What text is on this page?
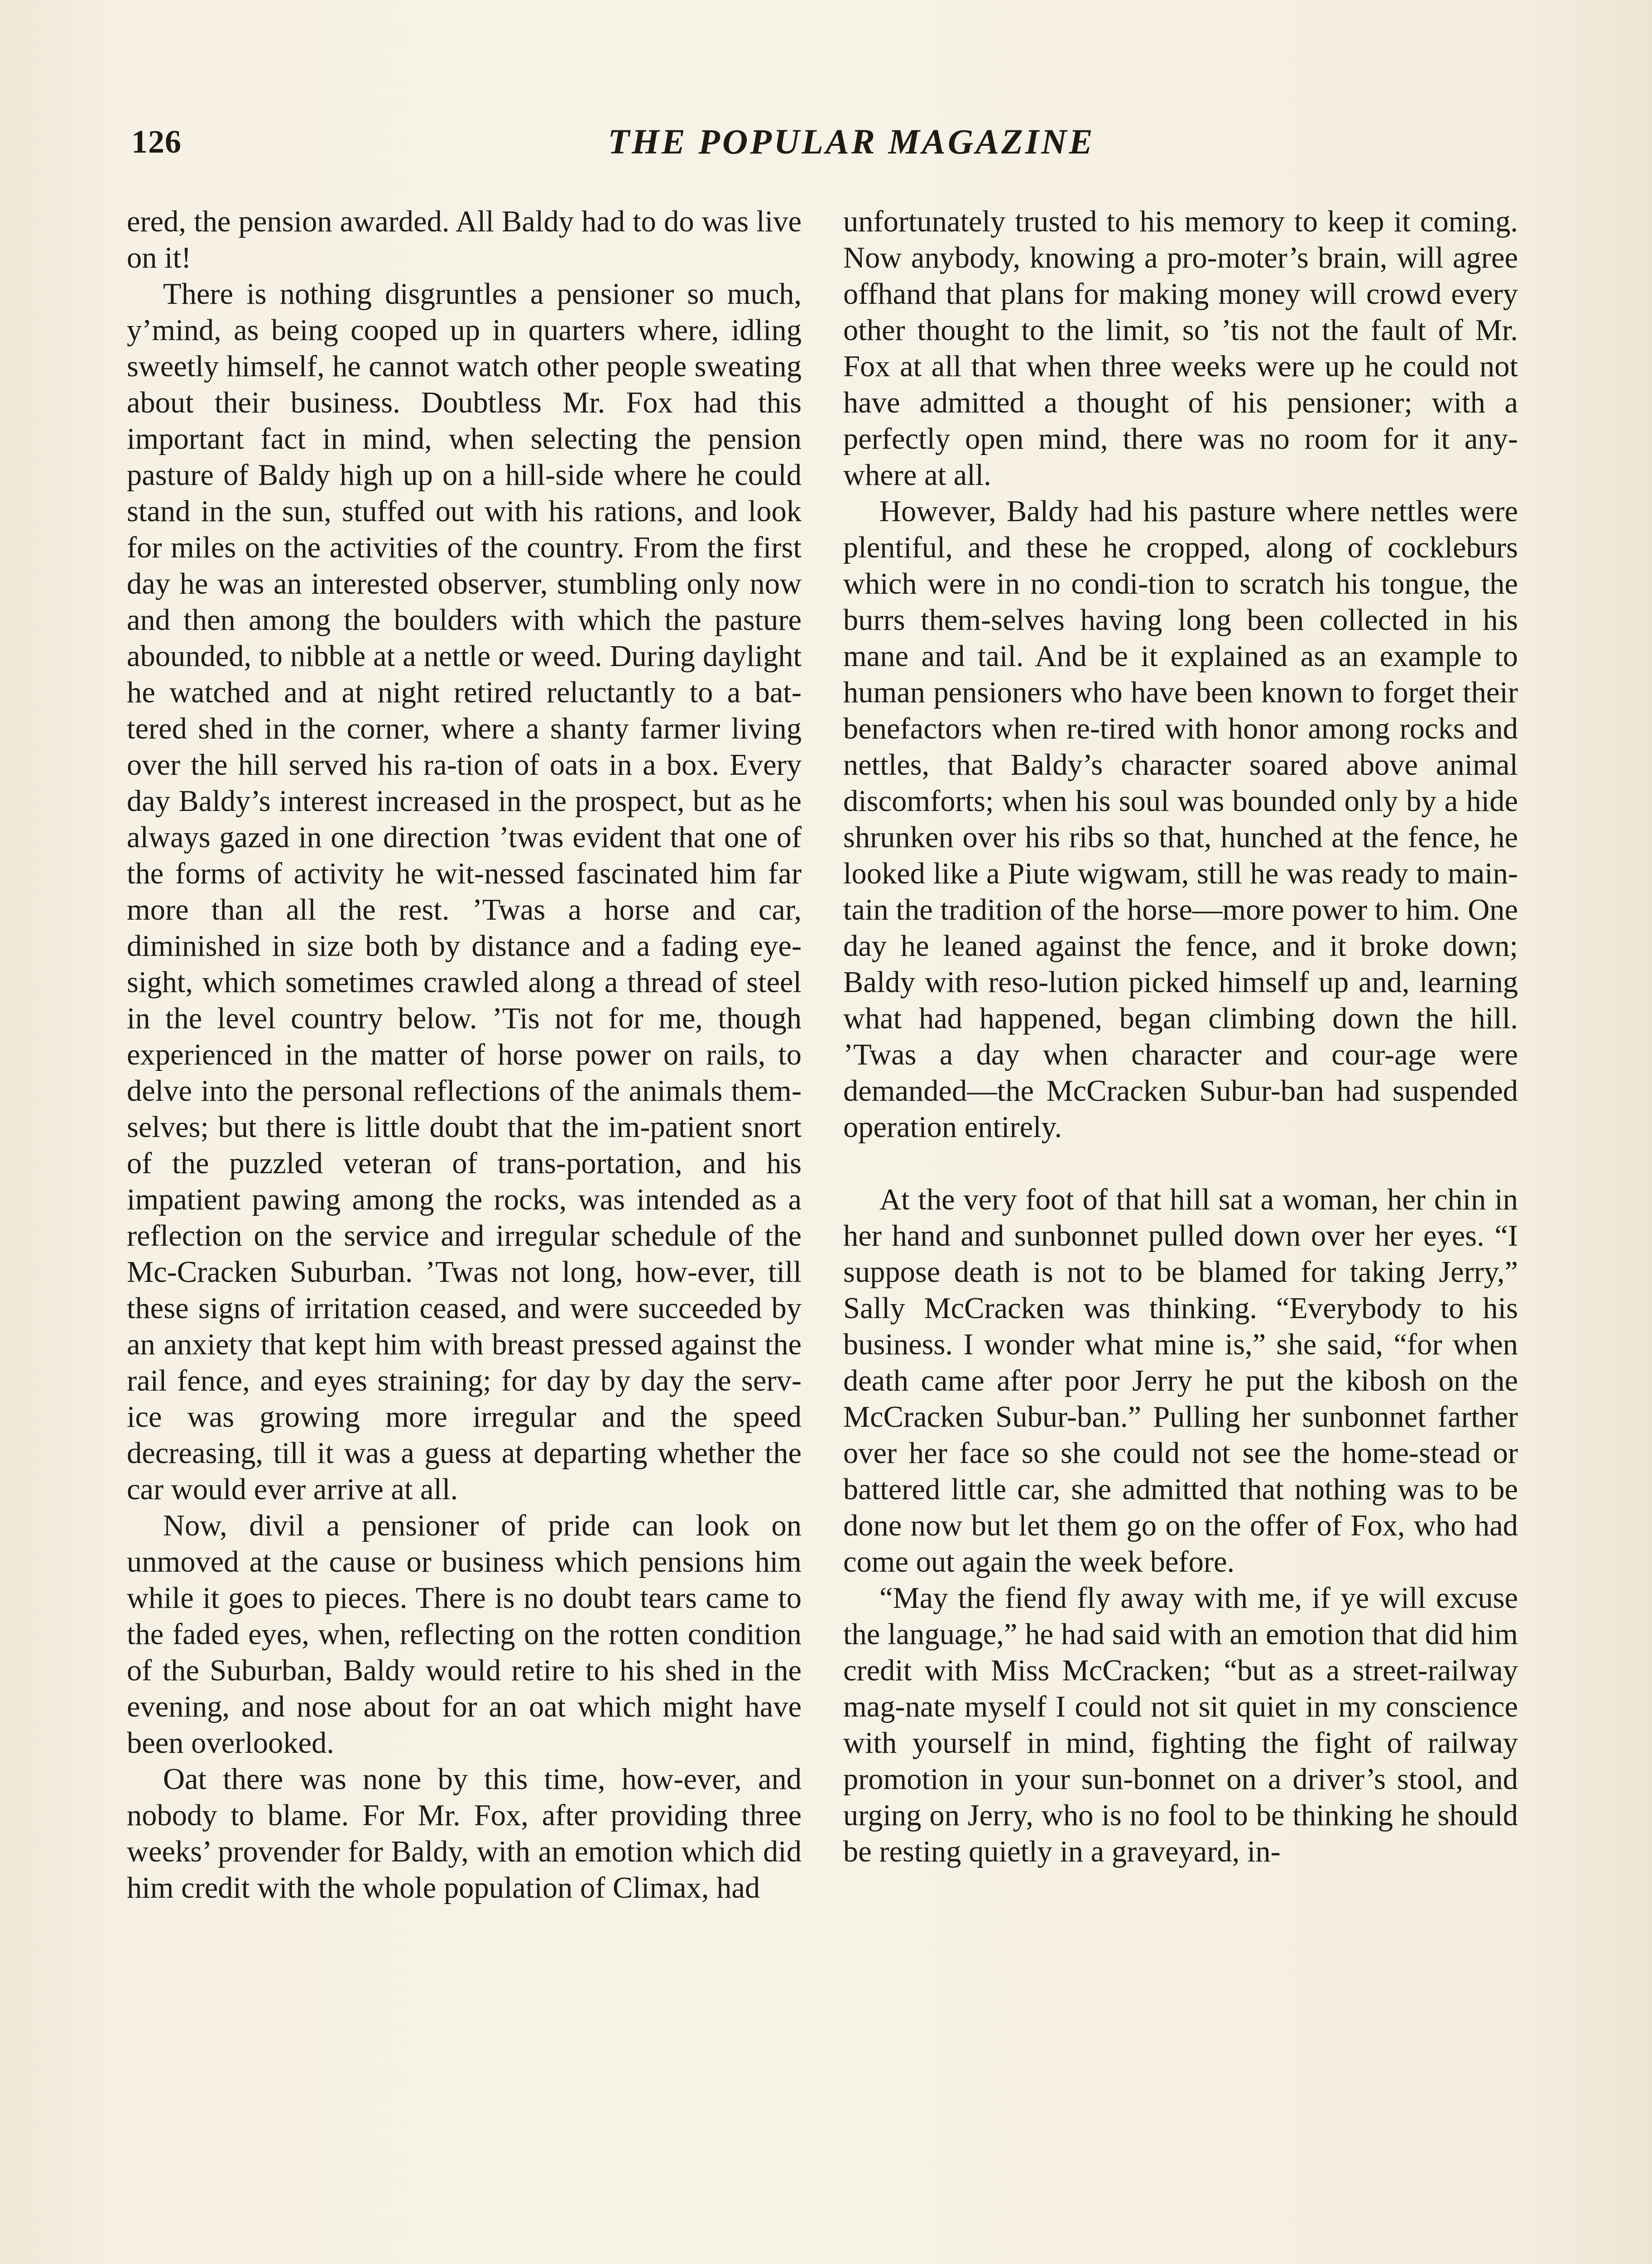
126	THE POPULAR MAGAZINE

ered, the pension awarded. All Baldy had to do was live on it!

There is nothing disgruntles a pensioner so much, y’mind, as being cooped up in quarters where, idling sweetly himself, he cannot watch other people sweating about their business. Doubtless Mr. Fox had this important fact in mind, when selecting the pension pasture of Baldy high up on a hill-side where he could stand in the sun, stuffed out with his rations, and look for miles on the activities of the country. From the first day he was an interested observer, stumbling only now and then among the boulders with which the pasture abounded, to nibble at a nettle or weed. During daylight he watched and at night retired reluctantly to a bat-tered shed in the corner, where a shanty farmer living over the hill served his ra-tion of oats in a box. Every day Baldy’s interest increased in the prospect, but as he always gazed in one direction ’twas evident that one of the forms of activity he wit-nessed fascinated him far more than all the rest. ’Twas a horse and car, diminished in size both by distance and a fading eye-sight, which sometimes crawled along a thread of steel in the level country below. ’Tis not for me, though experienced in the matter of horse power on rails, to delve into the personal reflections of the animals them-selves; but there is little doubt that the im-patient snort of the puzzled veteran of trans-portation, and his impatient pawing among the rocks, was intended as a reflection on the service and irregular schedule of the Mc-Cracken Suburban. ’Twas not long, how-ever, till these signs of irritation ceased, and were succeeded by an anxiety that kept him with breast pressed against the rail fence, and eyes straining; for day by day the serv-ice was growing more irregular and the speed decreasing, till it was a guess at departing whether the car would ever arrive at all.

Now, divil a pensioner of pride can look on unmoved at the cause or business which pensions him while it goes to pieces. There is no doubt tears came to the faded eyes, when, reflecting on the rotten condition of the Suburban, Baldy would retire to his shed in the evening, and nose about for an oat which might have been overlooked.

Oat there was none by this time, how-ever, and nobody to blame. For Mr. Fox, after providing three weeks’ provender for Baldy, with an emotion which did him credit with the whole population of Climax, had

unfortunately trusted to his memory to keep it coming. Now anybody, knowing a pro-moter’s brain, will agree offhand that plans for making money will crowd every other thought to the limit, so ’tis not the fault of Mr. Fox at all that when three weeks were up he could not have admitted a thought of his pensioner; with a perfectly open mind, there was no room for it any-where at all.

However, Baldy had his pasture where nettles were plentiful, and these he cropped, along of cockleburs which were in no condi-tion to scratch his tongue, the burrs them-selves having long been collected in his mane and tail. And be it explained as an example to human pensioners who have been known to forget their benefactors when re-tired with honor among rocks and nettles, that Baldy’s character soared above animal discomforts; when his soul was bounded only by a hide shrunken over his ribs so that, hunched at the fence, he looked like a Piute wigwam, still he was ready to main-tain the tradition of the horse—more power to him. One day he leaned against the fence, and it broke down; Baldy with reso-lution picked himself up and, learning what had happened, began climbing down the hill. ’Twas a day when character and cour-age were demanded—the McCracken Subur-ban had suspended operation entirely.

At the very foot of that hill sat a woman, her chin in her hand and sunbonnet pulled down over her eyes. “I suppose death is not to be blamed for taking Jerry,” Sally McCracken was thinking. “Everybody to his business. I wonder what mine is,” she said, “for when death came after poor Jerry he put the kibosh on the McCracken Subur-ban.” Pulling her sunbonnet farther over her face so she could not see the home-stead or battered little car, she admitted that nothing was to be done now but let them go on the offer of Fox, who had come out again the week before.

“May the fiend fly away with me, if ye will excuse the language,” he had said with an emotion that did him credit with Miss McCracken; “but as a street-railway mag-nate myself I could not sit quiet in my conscience with yourself in mind, fighting the fight of railway promotion in your sun-bonnet on a driver’s stool, and urging on Jerry, who is no fool to be thinking he should be resting quietly in a graveyard, in-
